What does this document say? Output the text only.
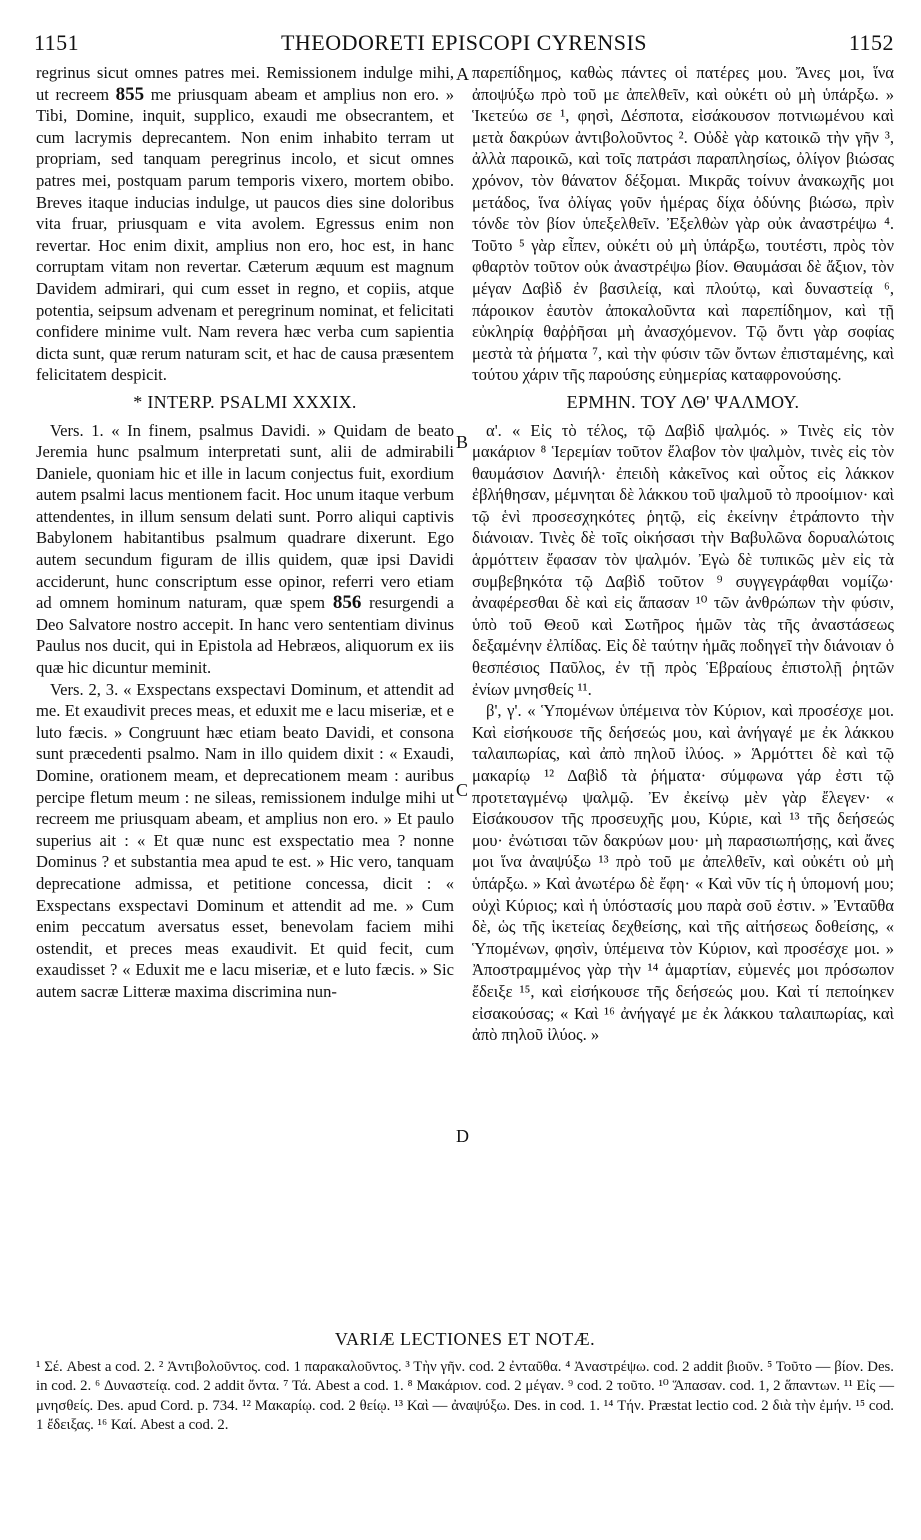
1151	THEODORETI EPISCOPI CYRENSIS	1152
A
B
C
D

regrinus sicut omnes patres mei. Remissionem indulge mihi, ut recreem 855 me priusquam abeam et amplius non ero. » Tibi, Domine, inquit, supplico, exaudi me obsecrantem, et cum lacrymis deprecantem. Non enim inhabito terram ut propriam, sed tanquam peregrinus incolo, et sicut omnes patres mei, postquam parum temporis vixero, mortem obibo. Breves itaque inducias indulge, ut paucos dies sine doloribus vita fruar, priusquam e vita avolem. Egressus enim non revertar. Hoc enim dixit, amplius non ero, hoc est, in hanc corruptam vitam non revertar. Cæterum æquum est magnum Davidem admirari, qui cum esset in regno, et copiis, atque potentia, seipsum advenam et peregrinum nominat, et felicitati confidere minime vult. Nam revera hæc verba cum sapientia dicta sunt, quæ rerum naturam scit, et hac de causa præsentem felicitatem despicit.

* INTERP. PSALMI XXXIX.

Vers. 1. « In finem, psalmus Davidi. » Quidam de beato Jeremia hunc psalmum interpretati sunt, alii de admirabili Daniele, quoniam hic et ille in lacum conjectus fuit, exordium autem psalmi lacus mentionem facit. Hoc unum itaque verbum attendentes, in illum sensum delati sunt. Porro aliqui captivis Babylonem habitantibus psalmum quadrare dixerunt. Ego autem secundum figuram de illis quidem, quæ ipsi Davidi acciderunt, hunc conscriptum esse opinor, referri vero etiam ad omnem hominum naturam, quæ spem 856 resurgendi a Deo Salvatore nostro accepit. In hanc vero sententiam divinus Paulus nos ducit, qui in Epistola ad Hebræos, aliquorum ex iis quæ hic dicuntur meminit.

Vers. 2, 3. « Exspectans exspectavi Dominum, et attendit ad me. Et exaudivit preces meas, et eduxit me e lacu miseriæ, et e luto fæcis. » Congruunt hæc etiam beato Davidi, et consona sunt præcedenti psalmo. Nam in illo quidem dixit : « Exaudi, Domine, orationem meam, et deprecationem meam : auribus percipe fletum meum : ne sileas, remissionem indulge mihi ut recreem me priusquam abeam, et amplius non ero. » Et paulo superius ait : « Et quæ nunc est exspectatio mea ? nonne Dominus ? et substantia mea apud te est. » Hic vero, tanquam deprecatione admissa, et petitione concessa, dicit : « Exspectans exspectavi Dominum et attendit ad me. » Cum enim peccatum aversatus esset, benevolam faciem mihi ostendit, et preces meas exaudivit. Et quid fecit, cum exaudisset ? « Eduxit me e lacu miseriæ, et e luto fæcis. » Sic autem sacræ Litteræ maxima discrimina nun-

παρεπίδημος, καθὼς πάντες οἱ πατέρες μου. Ἄνες μοι, ἵνα ἀποψύξω πρὸ τοῦ με ἀπελθεῖν, καὶ οὐκέτι οὐ μὴ ὑπάρξω. » Ἱκετεύω σε ¹, φησὶ, Δέσποτα, εἰσάκουσον ποτνιωμένου καὶ μετὰ δακρύων ἀντιβολοῦντος ². Οὐδὲ γὰρ κατοικῶ τὴν γῆν ³, ἀλλὰ παροικῶ, καὶ τοῖς πατράσι παραπλησίως, ὀλίγον βιώσας χρόνον, τὸν θάνατον δέξομαι. Μικρᾶς τοίνυν ἀνακωχῆς μοι μετάδος, ἵνα ὀλίγας γοῦν ἡμέρας δίχα ὀδύνης βιώσω, πρὶν τόνδε τὸν βίον ὑπεξελθεῖν. Ἐξελθὼν γὰρ οὐκ ἀναστρέψω ⁴. Τοῦτο ⁵ γὰρ εἶπεν, οὐκέτι οὐ μὴ ὑπάρξω, τουτέστι, πρὸς τὸν φθαρτὸν τοῦτον οὐκ ἀναστρέψω βίον. Θαυμάσαι δὲ ἄξιον, τὸν μέγαν Δαβὶδ ἐν βασιλείᾳ, καὶ πλούτῳ, καὶ δυναστείᾳ ⁶, πάροικον ἑαυτὸν ἀποκαλοῦντα καὶ παρεπίδημον, καὶ τῇ εὐκληρίᾳ θαῤῥῆσαι μὴ ἀνασχόμενον. Τῷ ὄντι γὰρ σοφίας μεστὰ τὰ ῥήματα ⁷, καὶ τὴν φύσιν τῶν ὄντων ἐπισταμένης, καὶ τούτου χάριν τῆς παρούσης εὐημερίας καταφρονούσης.

ΕΡΜΗΝ. ΤΟΥ ΛΘ' ΨΑΛΜΟΥ.

α'. « Εἰς τὸ τέλος, τῷ Δαβὶδ ψαλμός. » Τινὲς εἰς τὸν μακάριον ⁸ Ἱερεμίαν τοῦτον ἔλαβον τὸν ψαλμὸν, τινὲς εἰς τὸν θαυμάσιον Δανιήλ· ἐπειδὴ κἀκεῖνος καὶ οὗτος εἰς λάκκον ἐβλήθησαν, μέμνηται δὲ λάκκου τοῦ ψαλμοῦ τὸ προοίμιον· καὶ τῷ ἑνὶ προσεσχηκότες ῥητῷ, εἰς ἐκείνην ἐτράποντο τὴν διάνοιαν. Τινὲς δὲ τοῖς οἰκήσασι τὴν Βαβυλῶνα δορυαλώτοις ἁρμόττειν ἔφασαν τὸν ψαλμόν. Ἐγὼ δὲ τυπικῶς μὲν εἰς τὰ συμβεβηκότα τῷ Δαβὶδ τοῦτον ⁹ συγγεγράφθαι νομίζω· ἀναφέρεσθαι δὲ καὶ εἰς ἅπασαν ¹⁰ τῶν ἀνθρώπων τὴν φύσιν, ὑπὸ τοῦ Θεοῦ καὶ Σωτῆρος ἡμῶν τὰς τῆς ἀναστάσεως δεξαμένην ἐλπίδας. Εἰς δὲ ταύτην ἡμᾶς ποδηγεῖ τὴν διάνοιαν ὁ θεσπέσιος Παῦλος, ἐν τῇ πρὸς Ἑβραίους ἐπιστολῇ ῥητῶν ἐνίων μνησθείς ¹¹.

β', γ'. « Ὑπομένων ὑπέμεινα τὸν Κύριον, καὶ προσέσχε μοι. Καὶ εἰσήκουσε τῆς δεήσεώς μου, καὶ ἀνήγαγέ με ἐκ λάκκου ταλαιπωρίας, καὶ ἀπὸ πηλοῦ ἰλύος. » Ἁρμόττει δὲ καὶ τῷ μακαρίῳ ¹² Δαβὶδ τὰ ῥήματα· σύμφωνα γάρ ἐστι τῷ προτεταγμένῳ ψαλμῷ. Ἐν ἐκείνῳ μὲν γὰρ ἔλεγεν· « Εἰσάκουσον τῆς προσευχῆς μου, Κύριε, καὶ ¹³ τῆς δεήσεώς μου· ἐνώτισαι τῶν δακρύων μου· μὴ παρασιωπήσῃς, καὶ ἄνες μοι ἵνα ἀναψύξω ¹³ πρὸ τοῦ με ἀπελθεῖν, καὶ οὐκέτι οὐ μὴ ὑπάρξω. » Καὶ ἀνωτέρω δὲ ἔφη· « Καὶ νῦν τίς ἡ ὑπομονή μου; οὐχὶ Κύριος; καὶ ἡ ὑπόστασίς μου παρὰ σοῦ ἐστιν. » Ἐνταῦθα δὲ, ὡς τῆς ἱκετείας δεχθείσης, καὶ τῆς αἰτήσεως δοθείσης, « Ὑπομένων, φησὶν, ὑπέμεινα τὸν Κύριον, καὶ προσέσχε μοι. » Ἀποστραμμένος γὰρ τὴν ¹⁴ ἁμαρτίαν, εὐμενές μοι πρόσωπον ἔδειξε ¹⁵, καὶ εἰσήκουσε τῆς δεήσεώς μου. Καὶ τί πεποίηκεν εἰσακούσας; « Καὶ ¹⁶ ἀνήγαγέ με ἐκ λάκκου ταλαιπωρίας, καὶ ἀπὸ πηλοῦ ἰλύος. »

VARIÆ LECTIONES ET NOTÆ.

¹ Σέ. Abest a cod. 2. ² Ἀντιβολοῦντος. cod. 1 παρακαλοῦντος. ³ Τὴν γῆν. cod. 2 ἐνταῦθα. ⁴ Ἀναστρέψω. cod. 2 addit βιοῦν. ⁵ Τοῦτο — βίον. Des. in cod. 2. ⁶ Δυναστείᾳ. cod. 2 addit ὄντα. ⁷ Τά. Abest a cod. 1. ⁸ Μακάριον. cod. 2 μέγαν. ⁹ cod. 2 τοῦτο. ¹⁰ Ἅπασαν. cod. 1, 2 ἅπαντων. ¹¹ Εἰς — μνησθείς. Des. apud Cord. p. 734. ¹² Μακαρίῳ. cod. 2 θείῳ. ¹³ Καὶ — ἀναψύξω. Des. in cod. 1. ¹⁴ Τήν. Præstat lectio cod. 2 διὰ τὴν ἐμήν. ¹⁵ cod. 1 ἔδειξας. ¹⁶ Καί. Abest a cod. 2.
